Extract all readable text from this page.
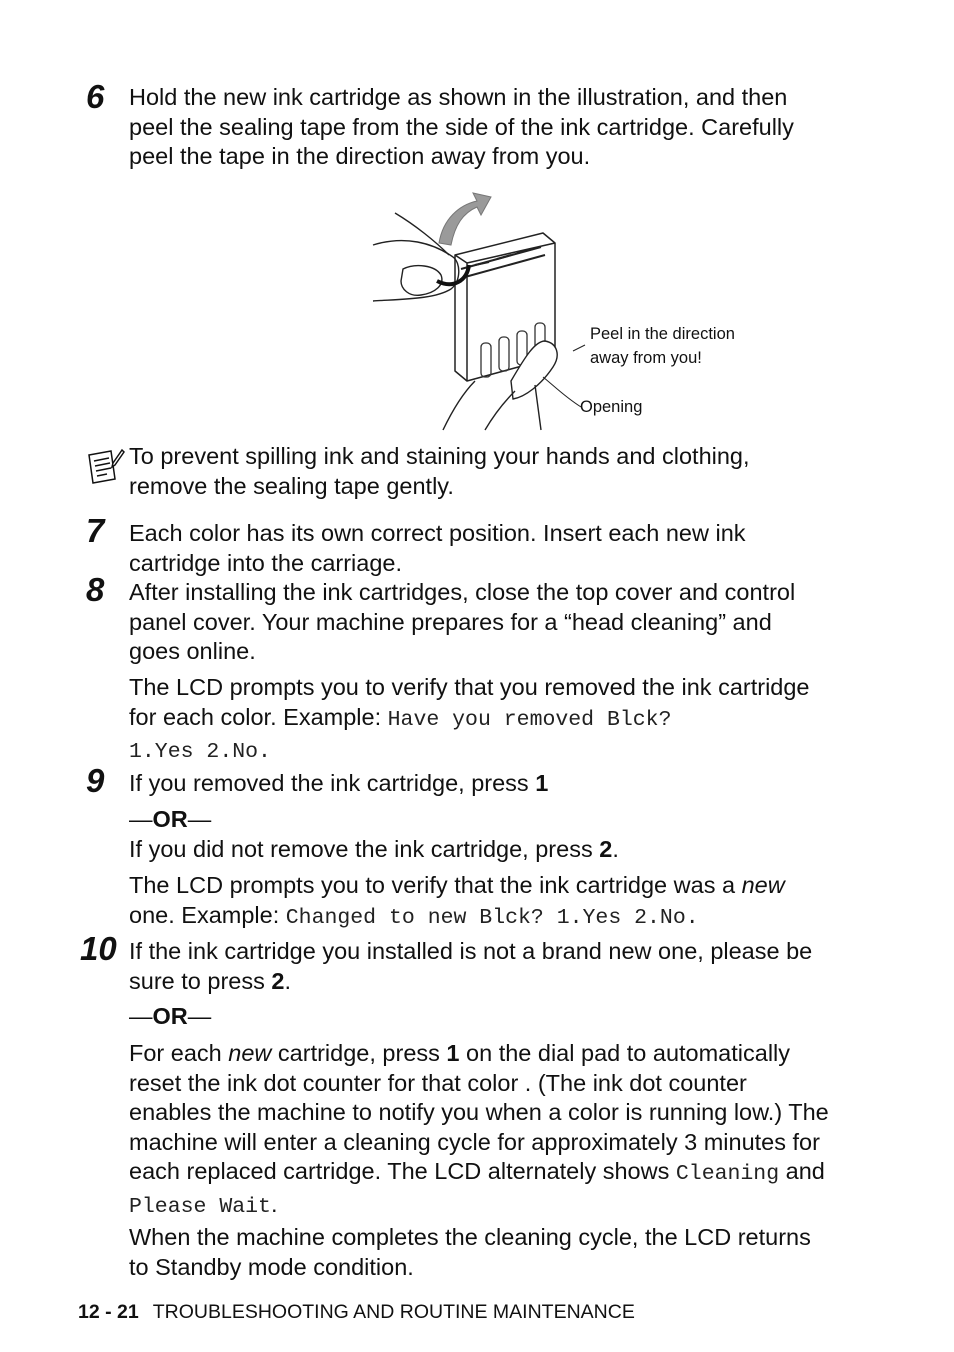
6 Hold the new ink cartridge as shown in the illustration, and then peel the sealing tape from the side of the ink cartridge. Carefully peel the tape in the direction away from you.
Peel in the direction
away from you!
Opening
To prevent spilling ink and staining your hands and clothing, remove the sealing tape gently.
7 Each color has its own correct position. Insert each new ink cartridge into the carriage.
8 After installing the ink cartridges, close the top cover and control panel cover. Your machine prepares for a “head cleaning” and goes online.
The LCD prompts you to verify that you removed the ink cartridge for each color. Example: Have you removed Blck?
1.Yes 2.No.
9 If you removed the ink cartridge, press 1
—OR—
If you did not remove the ink cartridge, press 2.
The LCD prompts you to verify that the ink cartridge was a new
one. Example: Changed to new Blck? 1.Yes 2.No.
10 If the ink cartridge you installed is not a brand new one, please be sure to press 2.
—OR—
For each new cartridge, press 1 on the dial pad to automatically reset the ink dot counter for that color . (The ink dot counter enables the machine to notify you when a color is running low.) The machine will enter a cleaning cycle for approximately 3 minutes for each replaced cartridge. The LCD alternately shows Cleaning and Please Wait.
When the machine completes the cleaning cycle, the LCD returns to Standby mode condition.
12 - 21 TROUBLESHOOTING AND ROUTINE MAINTENANCE
